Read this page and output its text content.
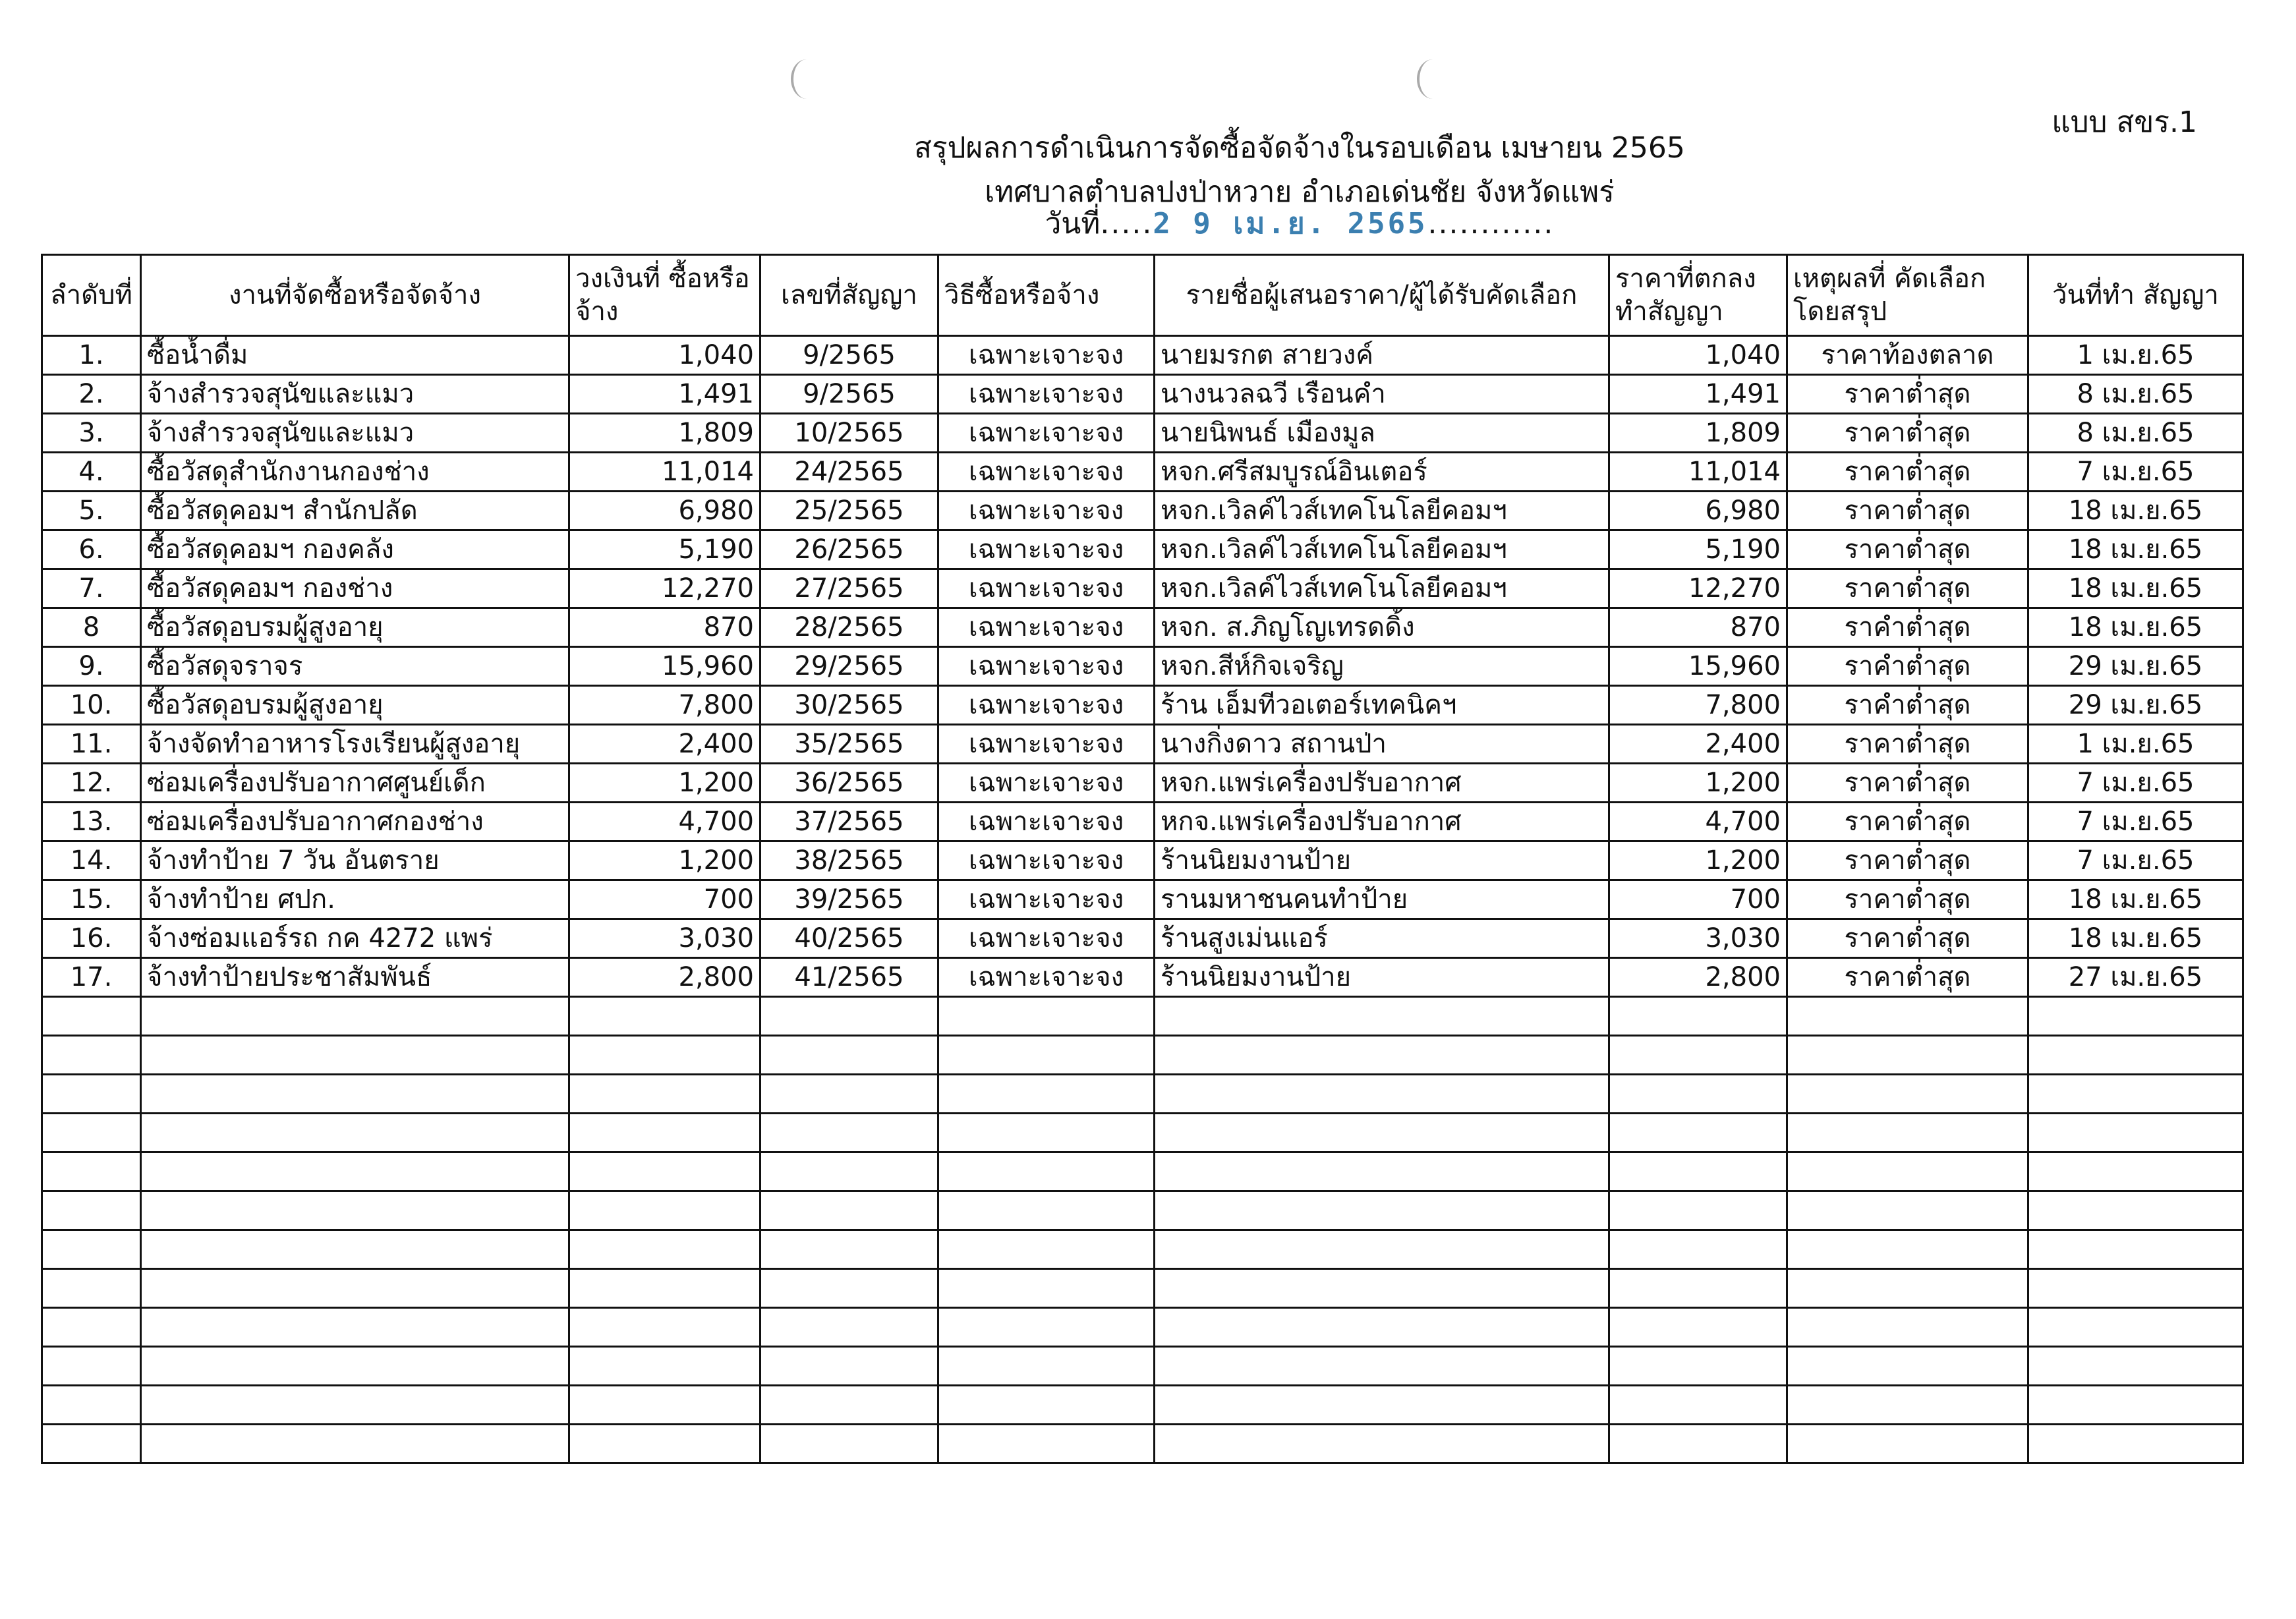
แบบ สขร.1
สรุปผลการดำเนินการจัดซื้อจัดจ้างในรอบเดือน เมษายน 2565
เทศบาลตำบลปงป่าหวาย อำเภอเด่นชัย จังหวัดแพร่
วันที่.....2 9 เม.ย. 2565............
ลำดับที่	งานที่จัดซื้อหรือจัดจ้าง	วงเงินที่ ซื้อหรือจ้าง	เลขที่สัญญา	วิธีซื้อหรือจ้าง	รายชื่อผู้เสนอราคา/ผู้ได้รับคัดเลือก	ราคาที่ตกลง ทำสัญญา	เหตุผลที่ คัดเลือกโดยสรุป	วันที่ทำ สัญญา
1.	ซื้อน้ำดื่ม	1,040	9/2565	เฉพาะเจาะจง	นายมรกต สายวงค์	1,040	ราคาท้องตลาด	1 เม.ย.65
2.	จ้างสำรวจสุนัขและแมว	1,491	9/2565	เฉพาะเจาะจง	นางนวลฉวี เรือนคำ	1,491	ราคาต่ำสุด	8 เม.ย.65
3.	จ้างสำรวจสุนัขและแมว	1,809	10/2565	เฉพาะเจาะจง	นายนิพนธ์ เมืองมูล	1,809	ราคาต่ำสุด	8 เม.ย.65
4.	ซื้อวัสดุสำนักงานกองช่าง	11,014	24/2565	เฉพาะเจาะจง	หจก.ศรีสมบูรณ์อินเตอร์	11,014	ราคาต่ำสุด	7 เม.ย.65
5.	ซื้อวัสดุคอมฯ สำนักปลัด	6,980	25/2565	เฉพาะเจาะจง	หจก.เวิลค์ไวส์เทคโนโลยีคอมฯ	6,980	ราคาต่ำสุด	18 เม.ย.65
6.	ซื้อวัสดุคอมฯ กองคลัง	5,190	26/2565	เฉพาะเจาะจง	หจก.เวิลค์ไวส์เทคโนโลยีคอมฯ	5,190	ราคาต่ำสุด	18 เม.ย.65
7.	ซื้อวัสดุคอมฯ กองช่าง	12,270	27/2565	เฉพาะเจาะจง	หจก.เวิลค์ไวส์เทคโนโลยีคอมฯ	12,270	ราคาต่ำสุด	18 เม.ย.65
8	ซื้อวัสดุอบรมผู้สูงอายุ	870	28/2565	เฉพาะเจาะจง	หจก. ส.ภิญโญเทรดดิ้ง	870	ราคำต่ำสุด	18 เม.ย.65
9.	ซื้อวัสดุจราจร	15,960	29/2565	เฉพาะเจาะจง	หจก.สีห์กิจเจริญ	15,960	ราคำต่ำสุด	29 เม.ย.65
10.	ซื้อวัสดุอบรมผู้สูงอายุ	7,800	30/2565	เฉพาะเจาะจง	ร้าน เอ็มทีวอเตอร์เทคนิคฯ	7,800	ราคำต่ำสุด	29 เม.ย.65
11.	จ้างจัดทำอาหารโรงเรียนผู้สูงอายุ	2,400	35/2565	เฉพาะเจาะจง	นางกิ่งดาว สถานป่า	2,400	ราคาต่ำสุด	1 เม.ย.65
12.	ซ่อมเครื่องปรับอากาศศูนย์เด็ก	1,200	36/2565	เฉพาะเจาะจง	หจก.แพร่เครื่องปรับอากาศ	1,200	ราคาต่ำสุด	7 เม.ย.65
13.	ซ่อมเครื่องปรับอากาศกองช่าง	4,700	37/2565	เฉพาะเจาะจง	หกจ.แพร่เครื่องปรับอากาศ	4,700	ราคาต่ำสุด	7 เม.ย.65
14.	จ้างทำป้าย 7 วัน อันตราย	1,200	38/2565	เฉพาะเจาะจง	ร้านนิยมงานป้าย	1,200	ราคาต่ำสุด	7 เม.ย.65
15.	จ้างทำป้าย ศปก.	700	39/2565	เฉพาะเจาะจง	รานมหาชนคนทำป้าย	700	ราคาต่ำสุด	18 เม.ย.65
16.	จ้างซ่อมแอร์รถ กค 4272 แพร่	3,030	40/2565	เฉพาะเจาะจง	ร้านสูงเม่นแอร์	3,030	ราคาต่ำสุด	18 เม.ย.65
17.	จ้างทำป้ายประชาสัมพันธ์	2,800	41/2565	เฉพาะเจาะจง	ร้านนิยมงานป้าย	2,800	ราคาต่ำสุด	27 เม.ย.65
